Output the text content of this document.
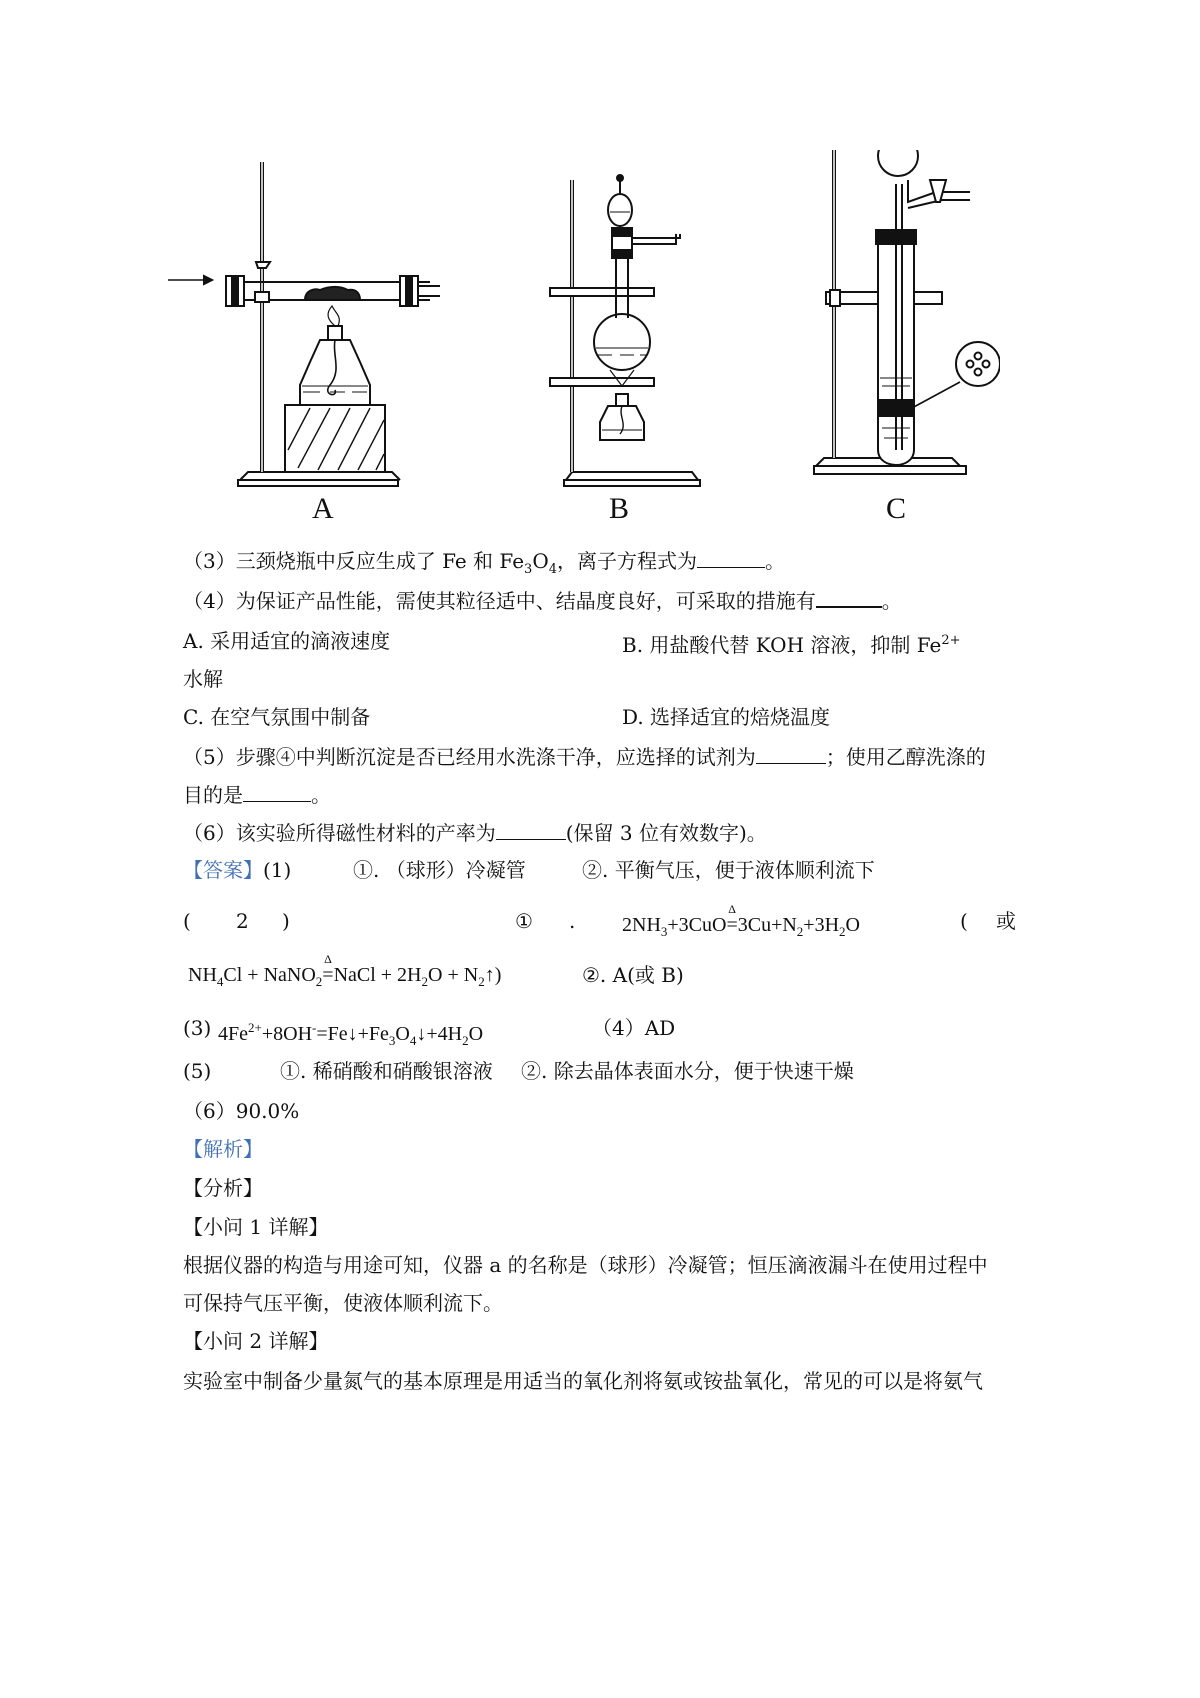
A	B	C
（3）三颈烧瓶中反应生成了 Fe 和 $Fe_3O_4$，离子方程式为	。
（4）为保证产品性能，需使其粒径适中、结晶度良好，可采取的措施有	。
A. 采用适宜的滴液速度	B. 用盐酸代替 KOH 溶液，抑制 $Fe^{2+}$
水解
C. 在空气氛围中制备	D. 选择适宜的焙烧温度
（5）步骤④中判断沉淀是否已经用水洗涤干净，应选择的试剂为	；使用乙醇洗涤的
目的是	。
（6）该实验所得磁性材料的产率为	(保留 3 位有效数字)。
【答案】(1)	①. （球形）冷凝管	②. 平衡气压，便于液体顺利流下
( 2 )	① . $2NH_3+3CuO$
Δ
$=3Cu+N_2+3H_2O$	( 或
$NH_4Cl$ + NaNO$_2$
Δ
=NaCl + $2H_2O$ + $N_2↑$)	②. A(或 B)
(3) $4Fe^{2+}+8OH^-=Fe↓+Fe_3O_4↓+4H_2O$	（4）AD
(5)	①. 稀硝酸和硝酸银溶液 ②. 除去晶体表面水分，便于快速干燥
（6）90.0%
【解析】
【分析】
【小问 1 详解】
根据仪器的构造与用途可知，仪器 a 的名称是（球形）冷凝管；恒压滴液漏斗在使用过程中
可保持气压平衡，使液体顺利流下。
【小问 2 详解】
实验室中制备少量氮气的基本原理是用适当的氧化剂将氨或铵盐氧化，常见的可以是将氨气
